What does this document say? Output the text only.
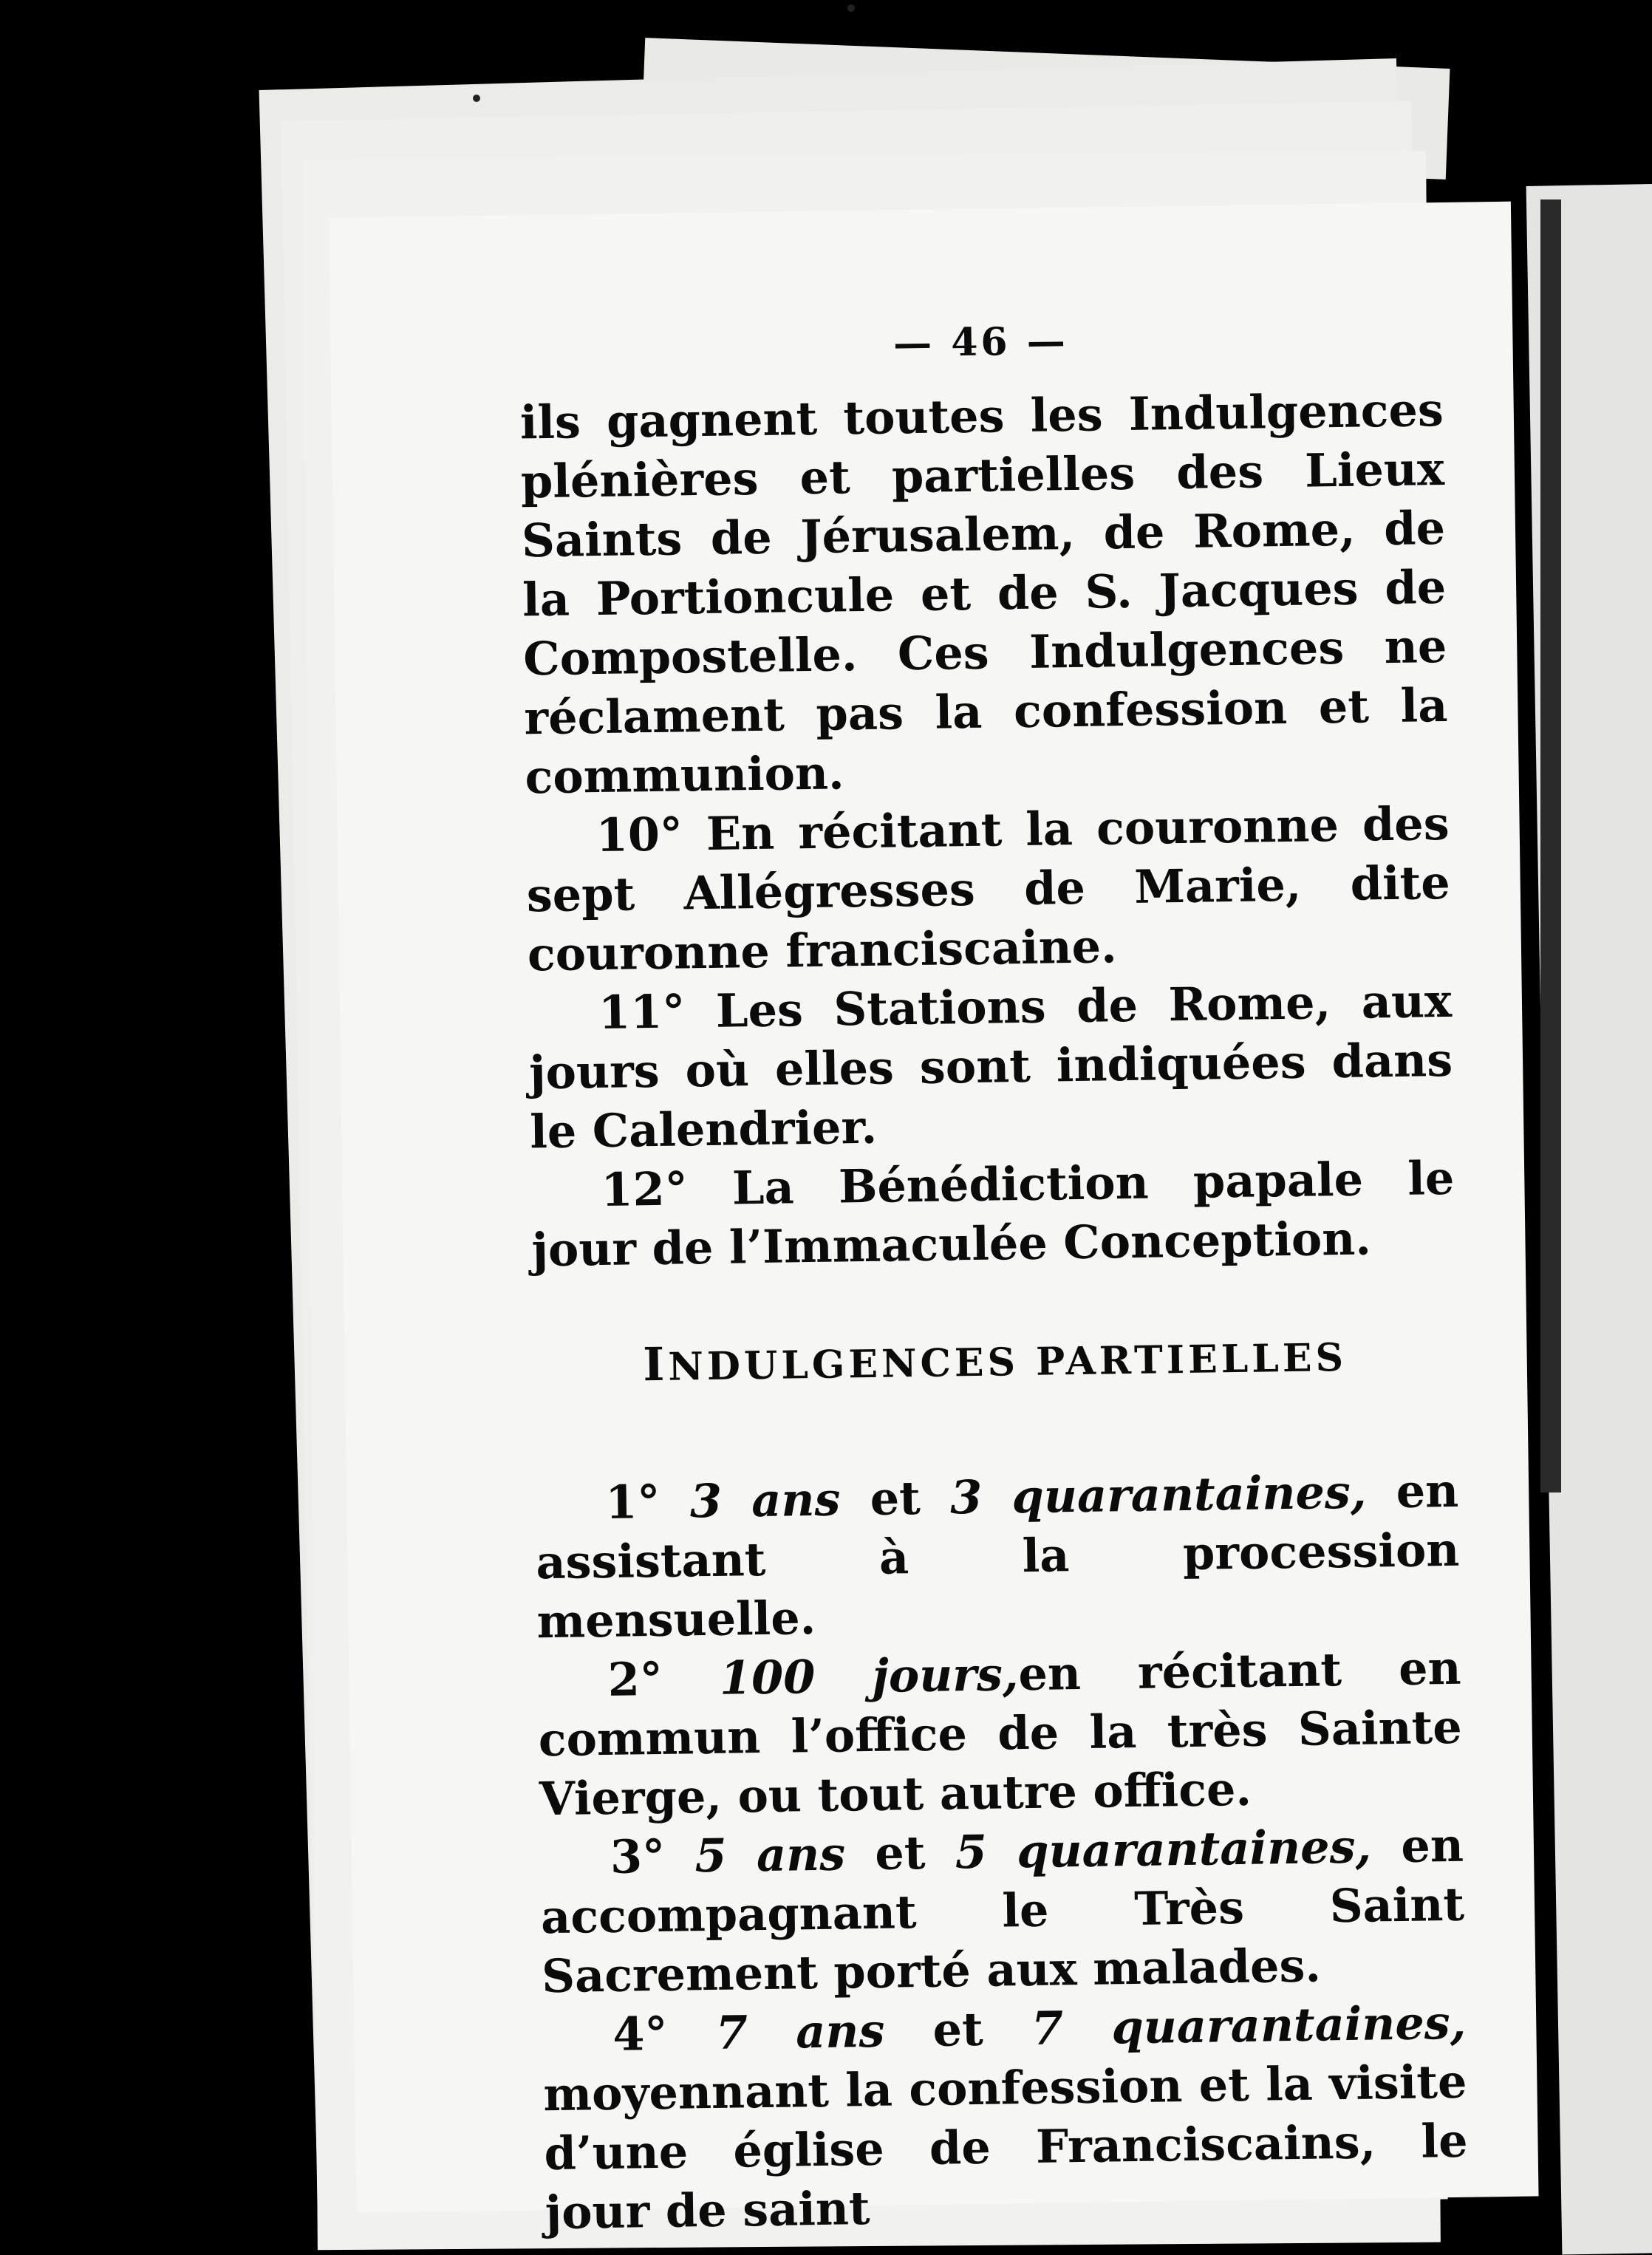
— 46 —

ils gagnent toutes les Indulgences plénières et partielles des Lieux Saints de Jérusalem, de Rome, de la Portioncule et de S. Jacques de Compostelle. Ces Indulgences ne réclament pas la confession et la communion.

10° En récitant la couronne des sept Allégresses de Marie, dite couronne franciscaine.

11° Les Stations de Rome, aux jours où elles sont indiquées dans le Calendrier.

12° La Bénédiction papale le jour de l’Immaculée Conception.

INDULGENCES PARTIELLES

1° 3 ans et 3 quarantaines, en assistant à la procession mensuelle.

2° 100 jours,en récitant en commun l’office de la très Sainte Vierge, ou tout autre office.

3° 5 ans et 5 quarantaines, en accompagnant le Très Saint Sacrement porté aux malades.

4° 7 ans et 7 quarantaines, moyennant la confession et la visite d’une église de Franciscains, le jour de saint
